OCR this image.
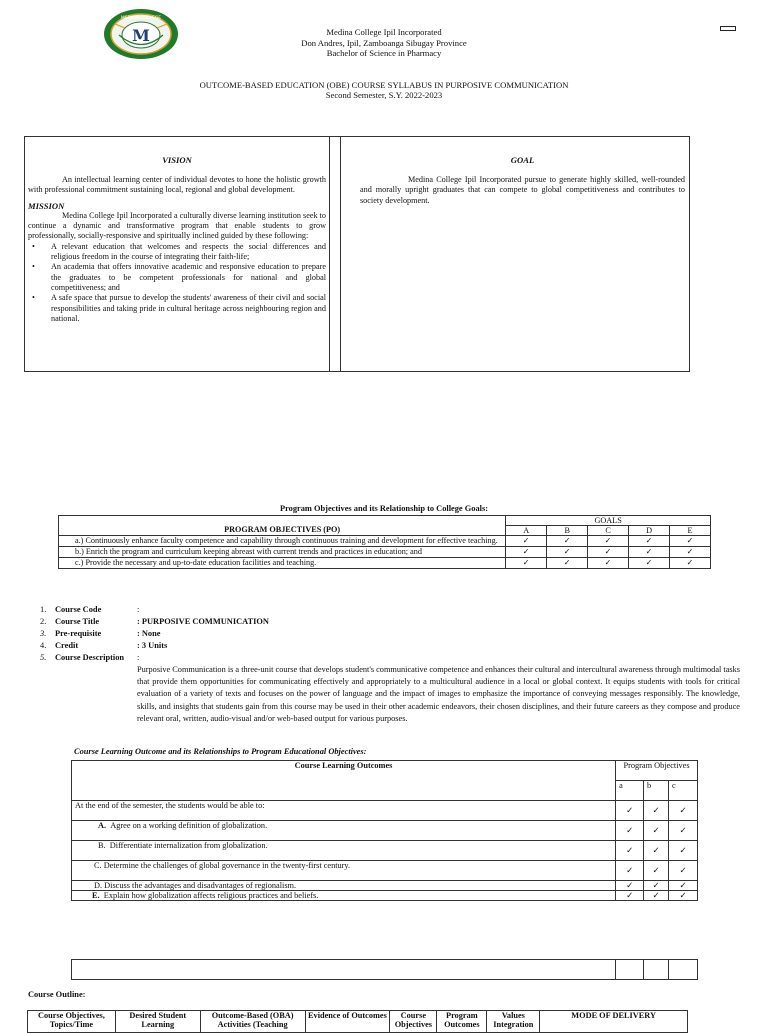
M
MEDINA COLLEGE
Medina College Ipil Incorporated
Don Andres, Ipil, Zamboanga Sibugay Province
Bachelor of Science in Pharmacy
OUTCOME-BASED EDUCATION (OBE) COURSE SYLLABUS IN PURPOSIVE COMMUNICATION
Second Semester, S.Y. 2022-2023
VISION

An intellectual learning center of individual devotes to hone the holistic growth with professional commitment sustaining local, regional and global development.

MISSION

Medina College Ipil Incorporated a culturally diverse learning institution seek to continue a dynamic and transformative program that enable students to grow professionally, socially-responsive and spiritually inclined guided by these following:

• A relevant education that welcomes and respects the social differences and religious freedom in the course of integrating their faith-life;
• An academia that offers innovative academic and responsive education to prepare the graduates to be competent professionals for national and global competitiveness; and
• A safe space that pursue to develop the students' awareness of their civil and social responsibilities and taking pride in cultural heritage across neighbouring region and national.
GOAL

Medina College Ipil Incorporated pursue to generate highly skilled, well-rounded and morally upright graduates that can compete to global competitiveness and contributes to society development.

Program Objectives and its Relationship to College Goals:
PROGRAM OBJECTIVES (PO)	GOALS				
	A	B	C	D	E
a.) Continuously enhance faculty competence and capability through continuous training and development for effective teaching.	✓	✓	✓	✓	✓
b.) Enrich the program and curriculum keeping abreast with current trends and practices in education; and	✓	✓	✓	✓	✓
c.) Provide the necessary and up-to-date education facilities and teaching.	✓	✓	✓	✓	✓
1.	Course Code	:
2.	Course Title	: PURPOSIVE COMMUNICATION
3.	Pre-requisite	: None
4.	Credit	: 3 Units
5.	Course Description :

Purposive Communication is a three-unit course that develops student's communicative competence and enhances their cultural and intercultural awareness through multimodal tasks that provide them opportunities for communicating effectively and appropriately to a multicultural audience in a local or global context. It equips students with tools for critical evaluation of a variety of texts and focuses on the power of language and the impact of images to emphasize the importance of conveying messages responsibly. The knowledge, skills, and insights that students gain from this course may be used in their other academic endeavors, their chosen disciplines, and their future careers as they compose and produce relevant oral, written, audio-visual and/or web-based output for various purposes.

Course Learning Outcome and its Relationships to Program Educational Objectives:
Course Learning Outcomes	Program Objectives		
	a	b	c
At the end of the semester, the students would be able to:	✓	✓	✓
A. Agree on a working definition of globalization.	✓	✓	✓
B. Differentiate internalization from globalization.	✓	✓	✓
C. Determine the challenges of global governance in the twenty-first century.	✓	✓	✓
D. Discuss the advantages and disadvantages of regionalism.	✓	✓	✓
E. Explain how globalization affects religious practices and beliefs.	✓	✓	✓

Course Outline:
Course Objectives, Topics/Time	Desired Student Learning	Outcome-Based (OBA) Activities (Teaching	Evidence of Outcomes	Course Objectives	Program Outcomes	Values Integration	MODE OF DELIVERY
